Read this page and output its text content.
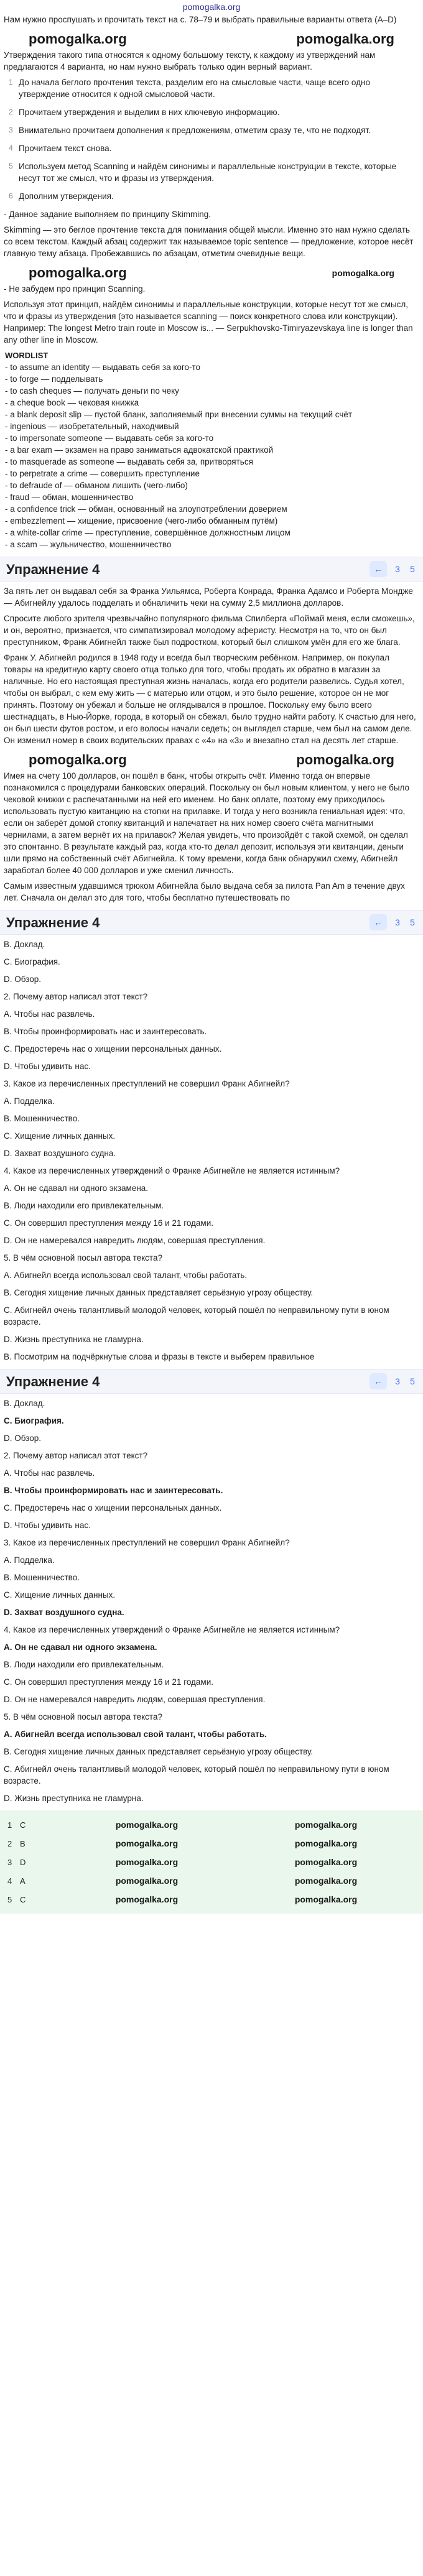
pomogalka.org

Нам нужно проспушать и прочитать текст на с. 78–79 и выбрать правильные варианты ответа (А–D)

pomogalka.org	pomogalka.org

Утверждения такого типа относятся к одному большому тексту, к каждому из утверждений нам предлагаются 4 варианта, но нам нужно выбрать только один верный вариант.

1 До начала беглого прочтения текста, разделим его на смысловые части, чаще всего одно утверждение относится к одной смысловой части.
2 Прочитаем утверждения и выделим в них ключевую информацию.
3 Внимательно прочитаем дополнения к предложениям, отметим сразу те, что не подходят.
4 Прочитаем текст снова.
5 Используем метод Scanning и найдём синонимы и параллельные конструкции в тексте, которые несут тот же смысл, что и фразы из утверждения.
6 Дополним утверждения.

- Данное задание выполняем по принципу Skimming.

Skimming — это беглое прочтение текста для понимания общей мысли. Именно это нам нужно сделать со всем текстом. Каждый абзац содержит так называемое topic sentence — предложение, которое несёт главную тему абзаца. Пробежавшись по абзацам, отметим очевидные вещи.

pomogalka.org	pomogalka.org

- Не забудем про принцип Scanning.

Используя этот принцип, найдём синонимы и параллельные конструкции, которые несут тот же смысл, что и фразы из утверждения (это называется scanning — поиск конкретного слова или конструкции). Например: The longest Metro train route in Moscow is... — Serpukhovsko-Timiryazevskaya line is longer than any other line in Moscow.

WORDLIST
- to assume an identity — выдавать себя за кого-то
- to forge — подделывать
- to cash cheques — получать деньги по чеку
- a cheque book — чековая книжка
- a blank deposit slip — пустой бланк, заполняемый при внесении суммы на текущий счёт
- ingenious — изобретательный, находчивый
- to impersonate someone — выдавать себя за кого-то
- a bar exam — экзамен на право заниматься адвокатской практикой
- to masquerade as someone — выдавать себя за, притворяться
- to perpetrate a crime — совершить преступление
- to defraude of — обманом лишить (чего-либо)
- fraud — обман, мошенничество
- a confidence trick — обман, основанный на злоупотреблении доверием
- embezzlement — хищение, присвоение (чего-либо обманным путём)
- a white-collar crime — преступление, совершённое должностным лицом
- a scam — жульничество, мошенничество
Упражнение 4	←	3 5

За пять лет он выдавал себя за Франка Уильямса, Роберта Конрада, Франка Адамсо и Роберта Мондже — Абигнейлу удалось подделать и обналичить чеки на сумму 2,5 миллиона долларов.

Спросите любого зрителя чрезвычайно популярного фильма Спилберга «Поймай меня, если сможешь», и он, вероятно, признается, что симпатизировал молодому аферисту. Несмотря на то, что он был преступником, Франк Абигнейл также был подростком, который был слишком умён для его же блага.

Франк У. Абигнейл родился в 1948 году и всегда был творческим ребёнком. Например, он покупал товары на кредитную карту своего отца только для того, чтобы продать их обратно в магазин за наличные. Но его настоящая преступная жизнь началась, когда его родители развелись. Судья хотел, чтобы он выбрал, с кем ему жить — с матерью или отцом, и это было решение, которое он не мог принять. Поэтому он убежал и больше не оглядывался в прошлое. Поскольку ему было всего шестнадцать, в Нью-Йорке, города, в который он сбежал, было трудно найти работу. К счастью для него, он был шести футов ростом, и его волосы начали седеть; он выглядел старше, чем был на самом деле. Он изменил номер в своих водительских правах с «4» на «3» и внезапно стал на десять лет старше.

pomogalka.org	pomogalka.org

Имея на счету 100 долларов, он пошёл в банк, чтобы открыть счёт. Именно тогда он впервые познакомился с процедурами банковских операций. Поскольку он был новым клиентом, у него не было чековой книжки с распечатанными на ней его именем. Но банк оплате, поэтому ему приходилось использовать пустую квитанцию на стопки на прилавке. И тогда у него возникла гениальная идея: что, если он заберёт домой стопку квитанций и напечатает на них номер своего счёта магнитными чернилами, а затем вернёт их на прилавок? Желая увидеть, что произойдёт с такой схемой, он сделал это спонтанно. В результате каждый раз, когда кто-то делал депозит, используя эти квитанции, деньги шли прямо на собственный счёт Абигнейла. К тому времени, когда банк обнаружил схему, Абигнейл заработал более 40 000 долларов и уже сменил личность.

Самым известным удавшимся трюком Абигнейла было выдача себя за пилота Pan Am в течение двух лет. Сначала он делал это для того, чтобы бесплатно путешествовать по

Упражнение 4	←	3 5
B. Доклад.
C. Биография.
D. Обзор.
2. Почему автор написал этот текст?
А. Чтобы нас развлечь.
B. Чтобы проинформировать нас и заинтересовать.
C. Предостеречь нас о хищении персональных данных.
D. Чтобы удивить нас.
3. Какое из перечисленных преступлений не совершил Франк Абигнейл?
А. Подделка.
B. Мошенничество.
C. Хищение личных данных.
D. Захват воздушного судна.
4. Какое из перечисленных утверждений о Франке Абигнейле не является истинным?
А. Он не сдавал ни одного экзамена.
B. Люди находили его привлекательным.
C. Он совершил преступления между 16 и 21 годами.
D. Он не намеревался навредить людям, совершая преступления.
5. В чём основной посыл автора текста?
A. Абигнейл всегда использовал свой талант, чтобы работать.
B. Сегодня хищение личных данных представляет серьёзную угрозу обществу.
C. Абигнейл очень талантливый молодой человек, который пошёл по неправильному пути в юном возрасте.
D. Жизнь преступника не гламурна.
В. Посмотрим на подчёркнутые слова и фразы в тексте и выберем правильное
Упражнение 4	←	3 5
B. Доклад.
C. Биография.
D. Обзор.
2. Почему автор написал этот текст?
А. Чтобы нас развлечь.
B. Чтобы проинформировать нас и заинтересовать.
C. Предостеречь нас о хищении персональных данных.
D. Чтобы удивить нас.
3. Какое из перечисленных преступлений не совершил Франк Абигнейл?
А. Подделка.
B. Мошенничество.
C. Хищение личных данных.
D. Захват воздушного судна.
4. Какое из перечисленных утверждений о Франке Абигнейле не является истинным?
А. Он не сдавал ни одного экзамена.
B. Люди находили его привлекательным.
C. Он совершил преступления между 16 и 21 годами.
D. Он не намеревался навредить людям, совершая преступления.
5. В чём основной посыл автора текста?
A. Абигнейл всегда использовал свой талант, чтобы работать.
B. Сегодня хищение личных данных представляет серьёзную угрозу обществу.
C. Абигнейл очень талантливый молодой человек, который пошёл по неправильному пути в юном возрасте.
D. Жизнь преступника не гламурна.
1 C	pomogalka.org	pomogalka.org
2 B	pomogalka.org	pomogalka.org
3 D	pomogalka.org	pomogalka.org
4 A	pomogalka.org	pomogalka.org
5 C	pomogalka.org	pomogalka.org
